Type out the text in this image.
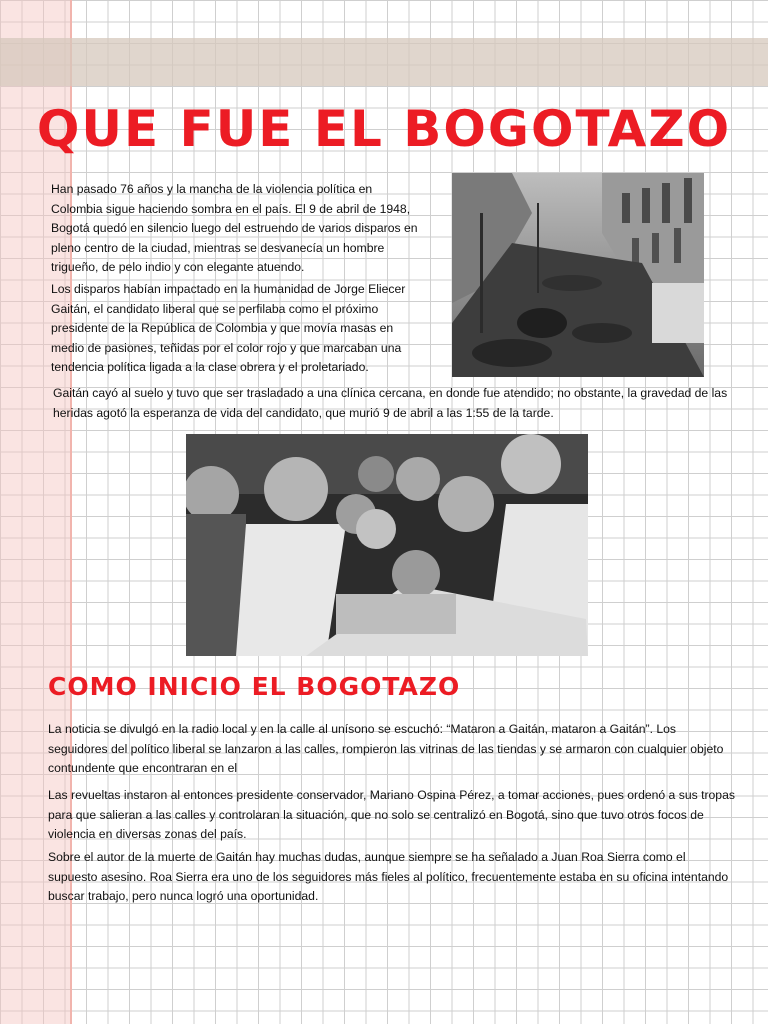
QUE FUE EL BOGOTAZO

Han pasado 76 años y la mancha de la violencia política en Colombia sigue haciendo sombra en el país. El 9 de abril de 1948, Bogotá quedó en silencio luego del estruendo de varios disparos en pleno centro de la ciudad, mientras se desvanecía un hombre trigueño, de pelo indio y con elegante atuendo.

Los disparos habían impactado en la humanidad de Jorge Eliecer Gaitán, el candidato liberal que se perfilaba como el próximo presidente de la República de Colombia y que movía masas en medio de pasiones, teñidas por el color rojo y que marcaban una tendencia política ligada a la clase obrera y el proletariado.

Gaitán cayó al suelo y tuvo que ser trasladado a una clínica cercana, en donde fue atendido; no obstante, la gravedad de las heridas agotó la esperanza de vida del candidato, que murió 9 de abril a las 1:55 de la tarde.

COMO INICIO EL BOGOTAZO

La noticia se divulgó en la radio local y en la calle al unísono se escuchó: “Mataron a Gaitán, mataron a Gaitán”. Los seguidores del político liberal se lanzaron a las calles, rompieron las vitrinas de las tiendas y se armaron con cualquier objeto contundente que encontraran en el

Las revueltas instaron al entonces presidente conservador, Mariano Ospina Pérez, a tomar acciones, pues ordenó a sus tropas para que salieran a las calles y controlaran la situación, que no solo se centralizó en Bogotá, sino que tuvo otros focos de violencia en diversas zonas del país.

Sobre el autor de la muerte de Gaitán hay muchas dudas, aunque siempre se ha señalado a Juan Roa Sierra como el supuesto asesino. Roa Sierra era uno de los seguidores más fieles al político, frecuentemente estaba en su oficina intentando buscar trabajo, pero nunca logró una oportunidad.
